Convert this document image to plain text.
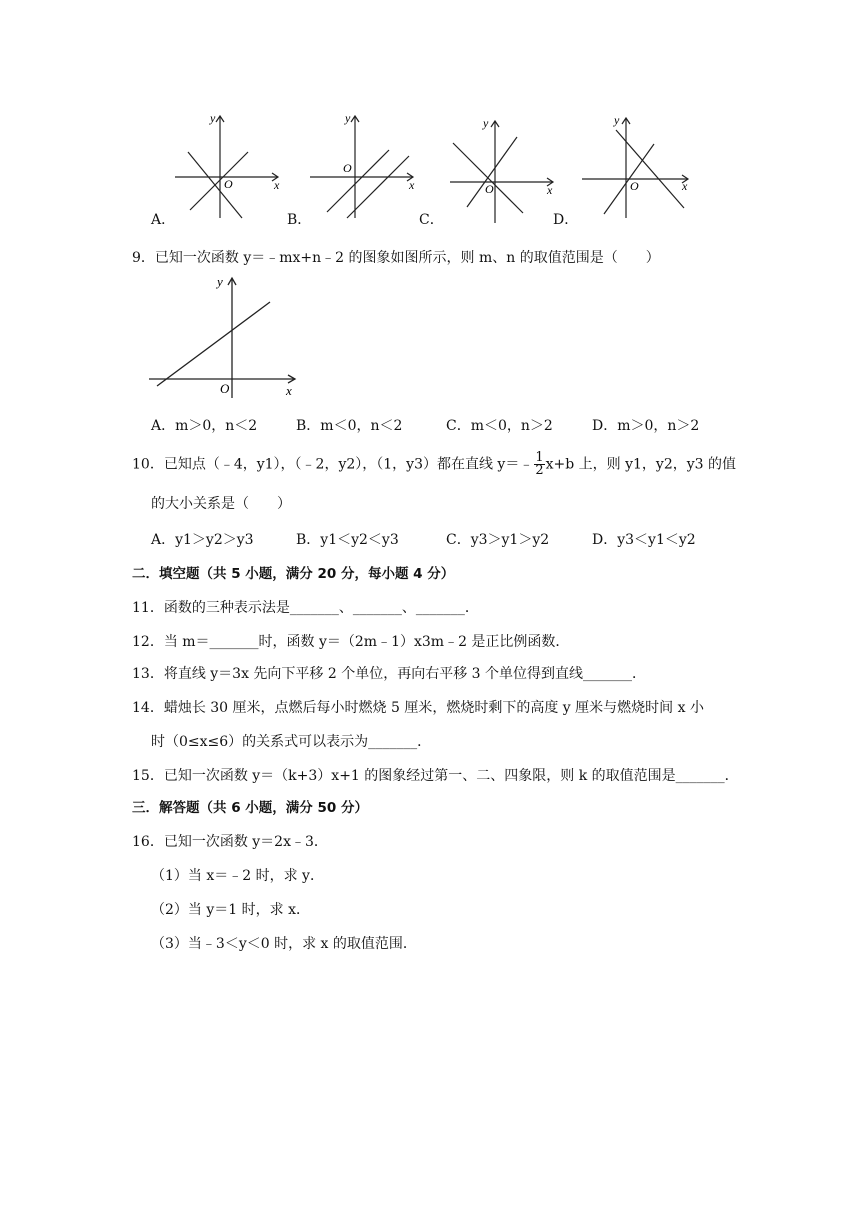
y
x
O
A．
y
x
O
B．
y
x
O
C．
y
x
O
D．
9．已知一次函数 y＝﹣mx+n﹣2 的图象如图所示，则 m、n 的取值范围是（　　）
y
x
O
A．m＞0，n＜2	B．m＜0，n＜2	C．m＜0，n＞2	D．m＞0，n＞2
10．已知点（﹣4，y1），（﹣2，y2），（1，y3）都在直线 y＝﹣ $\frac{1}{2} x+b$ 上，则 y1，y2，y3 的值
的大小关系是（　　）
A．y1＞y2＞y3	B．y1＜y2＜y3	C．y3＞y1＞y2	D．y3＜y1＜y2
二．填空题（共 5 小题，满分 20 分，每小题 4 分）
11．函数的三种表示法是_______、_______、_______．
12．当 m＝_______时，函数 y＝（2m﹣1）x3m﹣2 是正比例函数．
13．将直线 y＝3x 先向下平移 2 个单位，再向右平移 3 个单位得到直线_______．
14．蜡烛长 30 厘米，点燃后每小时燃烧 5 厘米，燃烧时剩下的高度 y 厘米与燃烧时间 x 小
时（0≤x≤6）的关系式可以表示为_______．
15．已知一次函数 y＝（k+3）x+1 的图象经过第一、二、四象限，则 k 的取值范围是_______．
三．解答题（共 6 小题，满分 50 分）
16．已知一次函数 y＝2x﹣3．
（1）当 x＝﹣2 时，求 y．
（2）当 y＝1 时，求 x．
（3）当﹣3＜y＜0 时，求 x 的取值范围．
